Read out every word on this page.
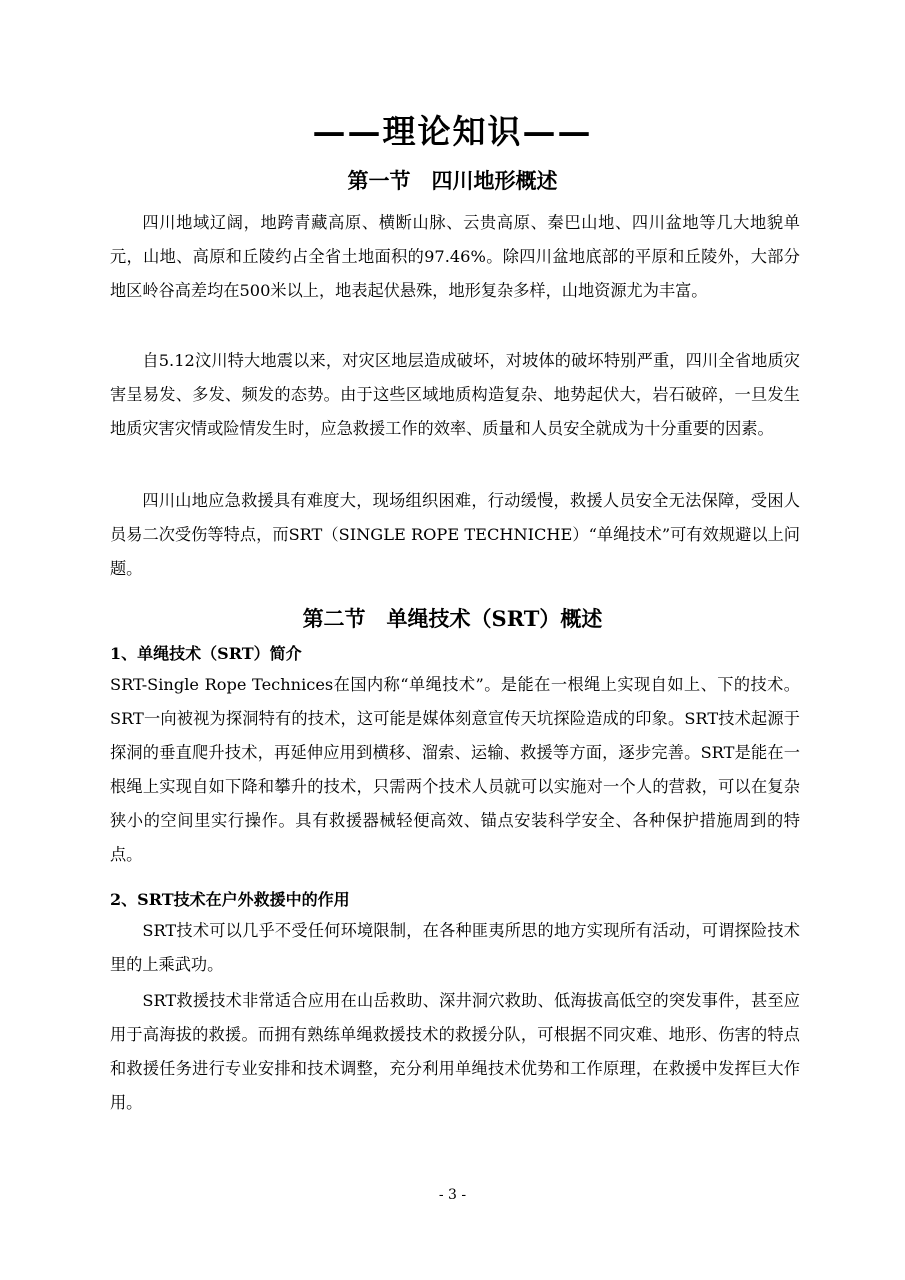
——理论知识——
第一节　四川地形概述

四川地域辽阔，地跨青藏高原、横断山脉、云贵高原、秦巴山地、四川盆地等几大地貌单元，山地、高原和丘陵约占全省土地面积的97.46%。除四川盆地底部的平原和丘陵外，大部分地区岭谷高差均在500米以上，地表起伏悬殊，地形复杂多样，山地资源尤为丰富。

自5.12汶川特大地震以来，对灾区地层造成破坏，对坡体的破坏特别严重，四川全省地质灾害呈易发、多发、频发的态势。由于这些区域地质构造复杂、地势起伏大，岩石破碎，一旦发生地质灾害灾情或险情发生时，应急救援工作的效率、质量和人员安全就成为十分重要的因素。

四川山地应急救援具有难度大，现场组织困难，行动缓慢，救援人员安全无法保障，受困人员易二次受伤等特点，而SRT（SINGLE ROPE TECHNICHE）“单绳技术”可有效规避以上问题。

第二节　单绳技术（SRT）概述
1、单绳技术（SRT）简介

SRT-Single Rope Technices在国内称“单绳技术”。是能在一根绳上实现自如上、下的技术。SRT一向被视为探洞特有的技术，这可能是媒体刻意宣传天坑探险造成的印象。SRT技术起源于探洞的垂直爬升技术，再延伸应用到横移、溜索、运输、救援等方面，逐步完善。SRT是能在一根绳上实现自如下降和攀升的技术，只需两个技术人员就可以实施对一个人的营救，可以在复杂狭小的空间里实行操作。具有救援器械轻便高效、锚点安装科学安全、各种保护措施周到的特点。

2、SRT技术在户外救援中的作用

SRT技术可以几乎不受任何环境限制，在各种匪夷所思的地方实现所有活动，可谓探险技术里的上乘武功。

SRT救援技术非常适合应用在山岳救助、深井洞穴救助、低海拔高低空的突发事件，甚至应用于高海拔的救援。而拥有熟练单绳救援技术的救援分队，可根据不同灾难、地形、伤害的特点和救援任务进行专业安排和技术调整，充分利用单绳技术优势和工作原理，在救援中发挥巨大作用。

- 3 -
